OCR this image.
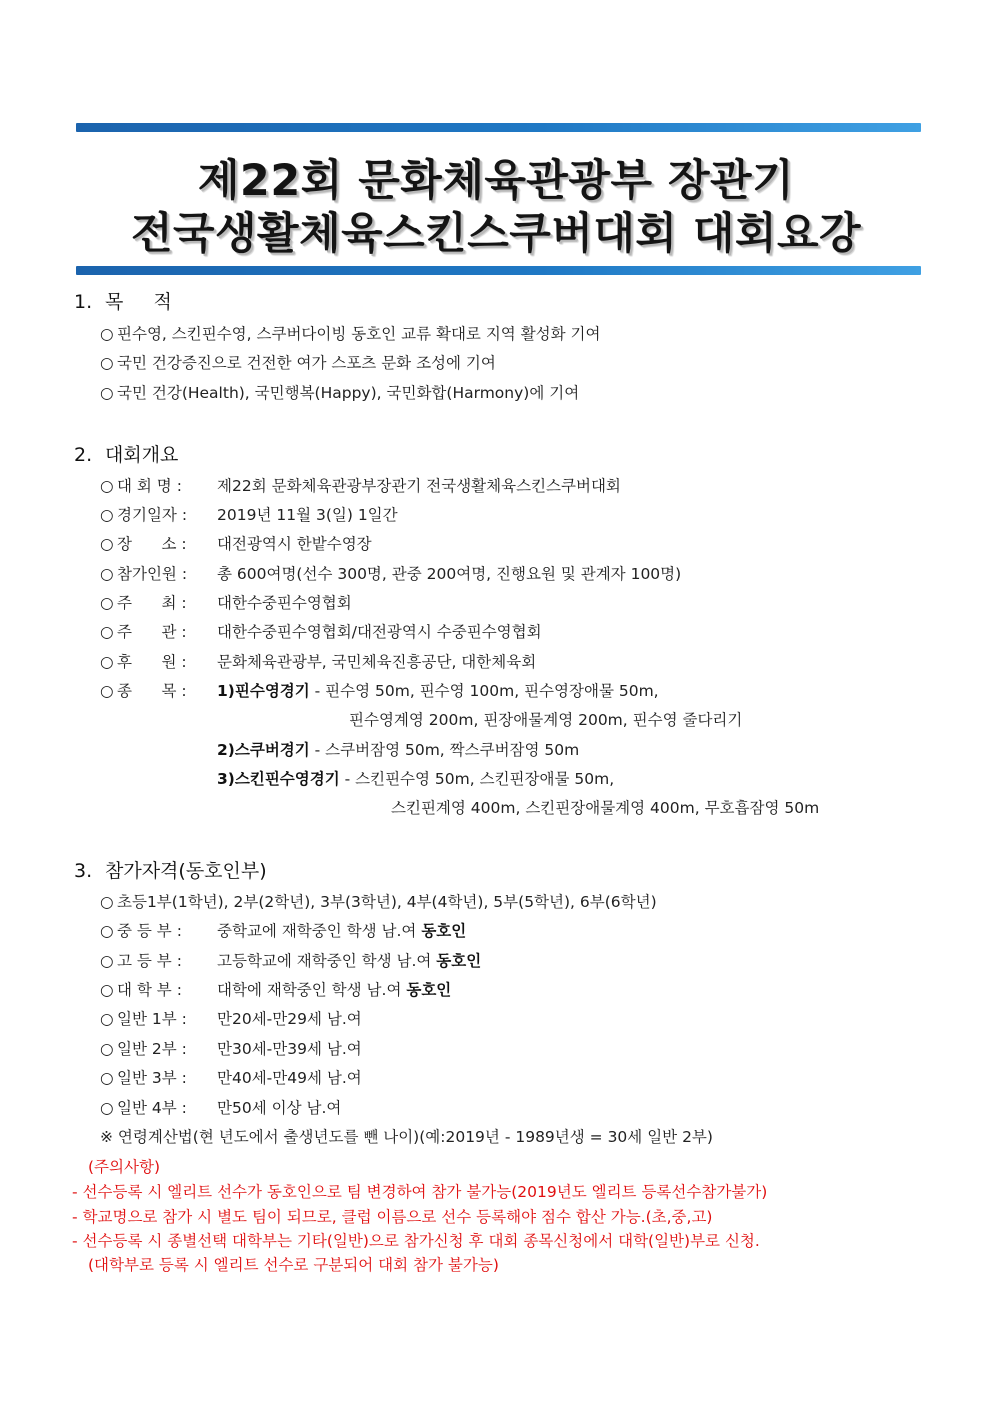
제22회 문화체육관광부 장관기
전국생활체육스킨스쿠버대회 대회요강
1. 목     적
○ 핀수영, 스킨핀수영, 스쿠버다이빙 동호인 교류 확대로 지역 활성화 기여
○ 국민 건강증진으로 건전한 여가 스포츠 문화 조성에 기여
○ 국민 건강(Health), 국민행복(Happy), 국민화합(Harmony)에 기여
2. 대회개요
○ 대 회 명 : 제22회 문화체육관광부장관기 전국생활체육스킨스쿠버대회
○ 경기일자 : 2019년 11월 3(일) 1일간
○ 장      소 : 대전광역시 한밭수영장
○ 참가인원 : 총 600여명(선수 300명, 관중 200여명, 진행요원 및 관계자 100명)
○ 주      최 : 대한수중핀수영협회
○ 주      관 : 대한수중핀수영협회/대전광역시 수중핀수영협회
○ 후      원 : 문화체육관광부, 국민체육진흥공단, 대한체육회
○ 종      목 : 1)핀수영경기 - 핀수영 50m, 핀수영 100m, 핀수영장애물 50m,
핀수영계영 200m, 핀장애물계영 200m, 핀수영 줄다리기
2)스쿠버경기 - 스쿠버잠영 50m, 짝스쿠버잠영 50m
3)스킨핀수영경기 - 스킨핀수영 50m, 스킨핀장애물 50m,
스킨핀계영 400m, 스킨핀장애물계영 400m, 무호흡잠영 50m
3. 참가자격(동호인부)
○ 초등1부(1학년), 2부(2학년), 3부(3학년), 4부(4학년), 5부(5학년), 6부(6학년)
○ 중 등 부 : 중학교에 재학중인 학생 남.여 동호인
○ 고 등 부 : 고등학교에 재학중인 학생 남.여 동호인
○ 대 학 부 : 대학에 재학중인 학생 남.여 동호인
○ 일반 1부 : 만20세-만29세 남.여
○ 일반 2부 : 만30세-만39세 남.여
○ 일반 3부 : 만40세-만49세 남.여
○ 일반 4부 : 만50세 이상 남.여
※ 연령계산법(현 년도에서 출생년도를 뺀 나이)(예:2019년 - 1989년생 = 30세 일반 2부)
(주의사항)
- 선수등록 시 엘리트 선수가 동호인으로 팀 변경하여 참가 불가능(2019년도 엘리트 등록선수참가불가)
- 학교명으로 참가 시 별도 팀이 되므로, 클럽 이름으로 선수 등록해야 점수 합산 가능.(초,중,고)
- 선수등록 시 종별선택 대학부는 기타(일반)으로 참가신청 후 대회 종목신청에서 대학(일반)부로 신청.
(대학부로 등록 시 엘리트 선수로 구분되어 대회 참가 불가능)
